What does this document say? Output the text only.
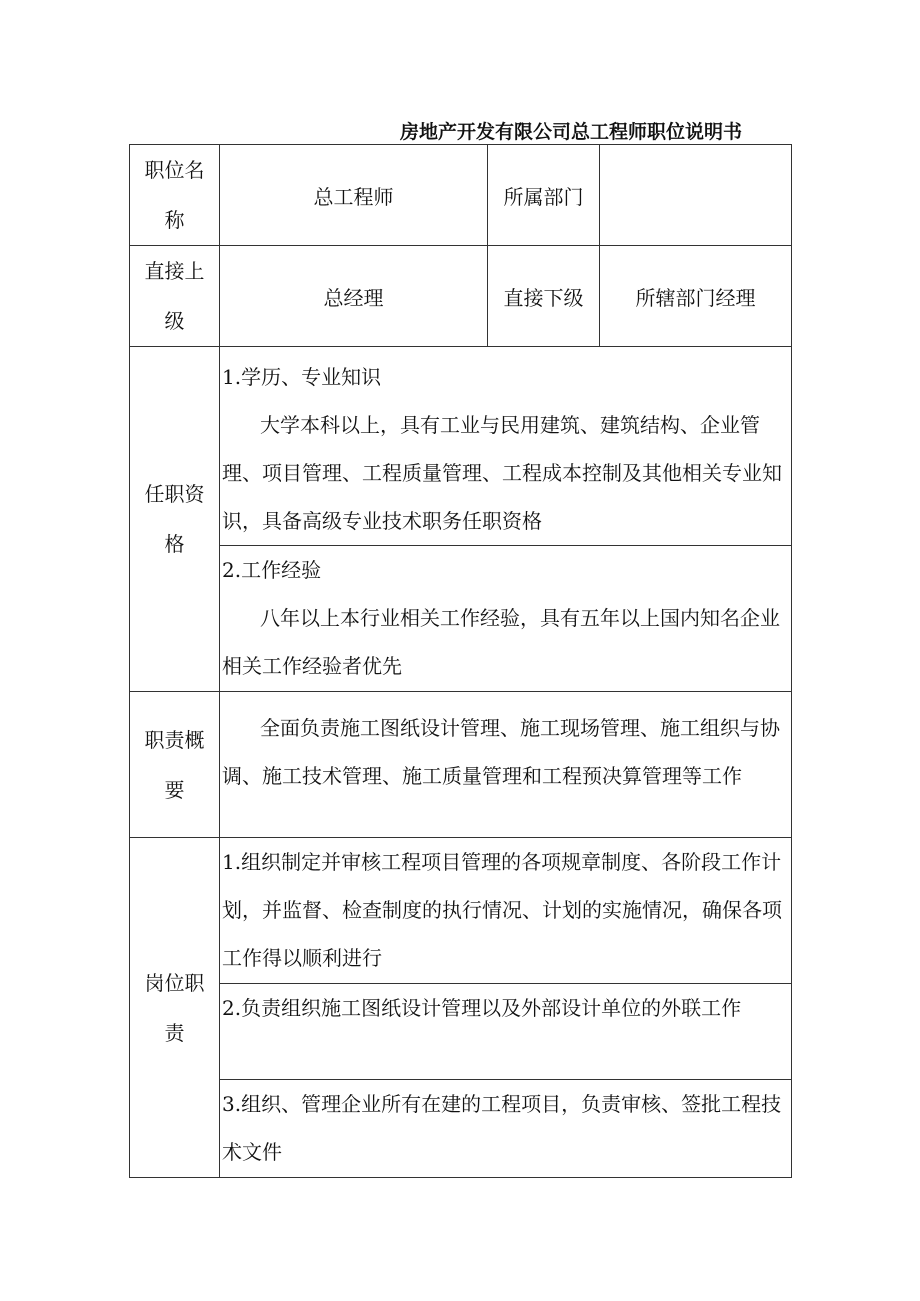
房地产开发有限公司总工程师职位说明书
职位名称	总工程师	所属部门	
直接上级	总经理	直接下级	所辖部门经理
任职资格	1.学历、专业知识

大学本科以上，具有工业与民用建筑、建筑结构、企业管理、项目管理、工程质量管理、工程成本控制及其他相关专业知识，具备高级专业技术职务任职资格		

	2.工作经验

八年以上本行业相关工作经验，具有五年以上国内知名企业相关工作经验者优先		

职责概要	全面负责施工图纸设计管理、施工现场管理、施工组织与协调、施工技术管理、施工质量管理和工程预决算管理等工作		

岗位职责	1.组织制定并审核工程项目管理的各项规章制度、各阶段工作计划，并监督、检查制度的执行情况、计划的实施情况，确保各项工作得以顺利进行		

	2.负责组织施工图纸设计管理以及外部设计单位的外联工作		

	3.组织、管理企业所有在建的工程项目，负责审核、签批工程技术文件		
